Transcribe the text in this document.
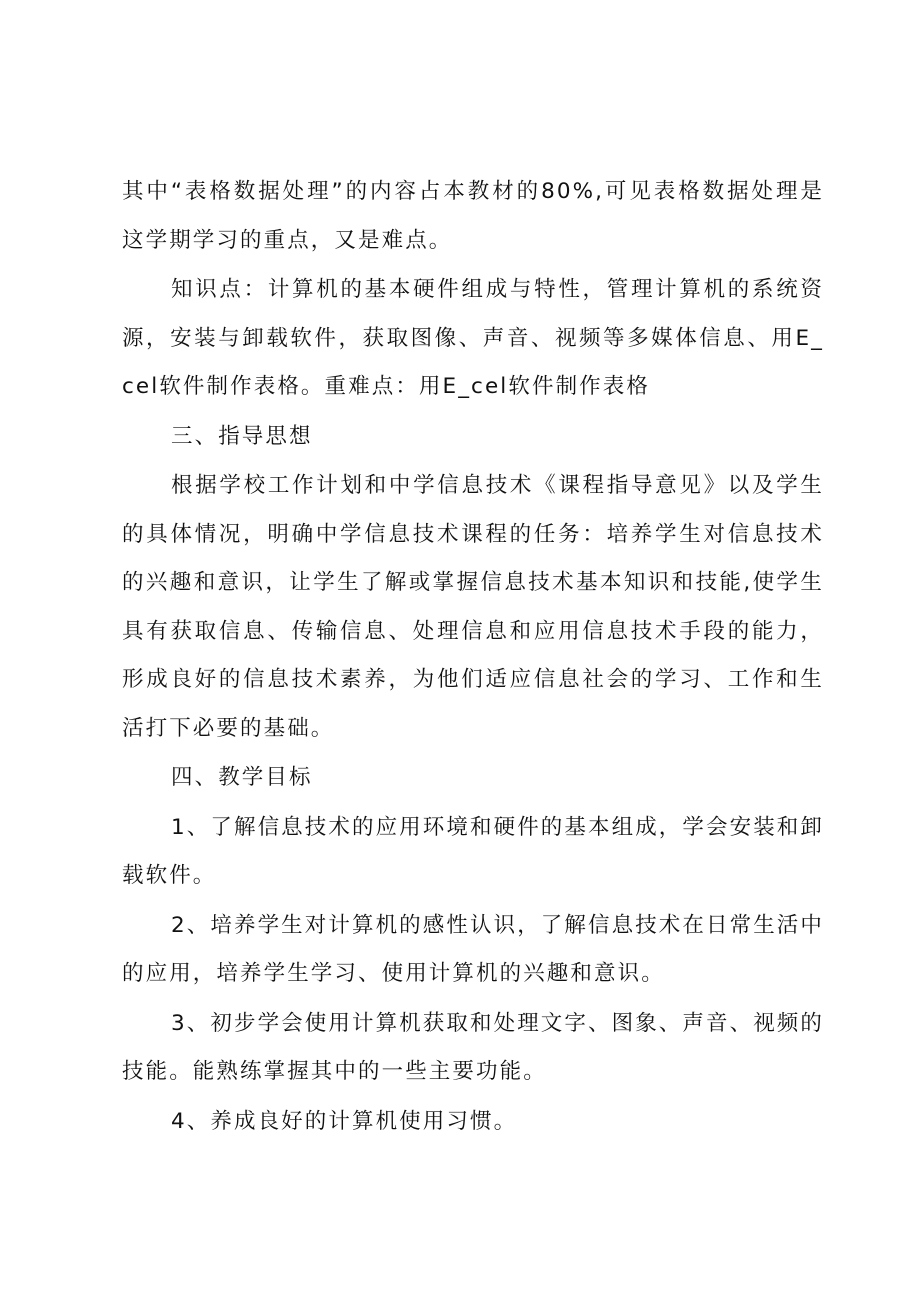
其中“表格数据处理”的内容占本教材的80%,可见表格数据处理是这学期学习的重点，又是难点。

知识点：计算机的基本硬件组成与特性，管理计算机的系统资源，安装与卸载软件，获取图像、声音、视频等多媒体信息、用E_cel软件制作表格。重难点：用E_cel软件制作表格

三、指导思想

根据学校工作计划和中学信息技术《课程指导意见》以及学生的具体情况，明确中学信息技术课程的任务：培养学生对信息技术的兴趣和意识，让学生了解或掌握信息技术基本知识和技能,使学生具有获取信息、传输信息、处理信息和应用信息技术手段的能力，形成良好的信息技术素养，为他们适应信息社会的学习、工作和生活打下必要的基础。

四、教学目标

1、了解信息技术的应用环境和硬件的基本组成，学会安装和卸载软件。

2、培养学生对计算机的感性认识，了解信息技术在日常生活中的应用，培养学生学习、使用计算机的兴趣和意识。

3、初步学会使用计算机获取和处理文字、图象、声音、视频的技能。能熟练掌握其中的一些主要功能。

4、养成良好的计算机使用习惯。
